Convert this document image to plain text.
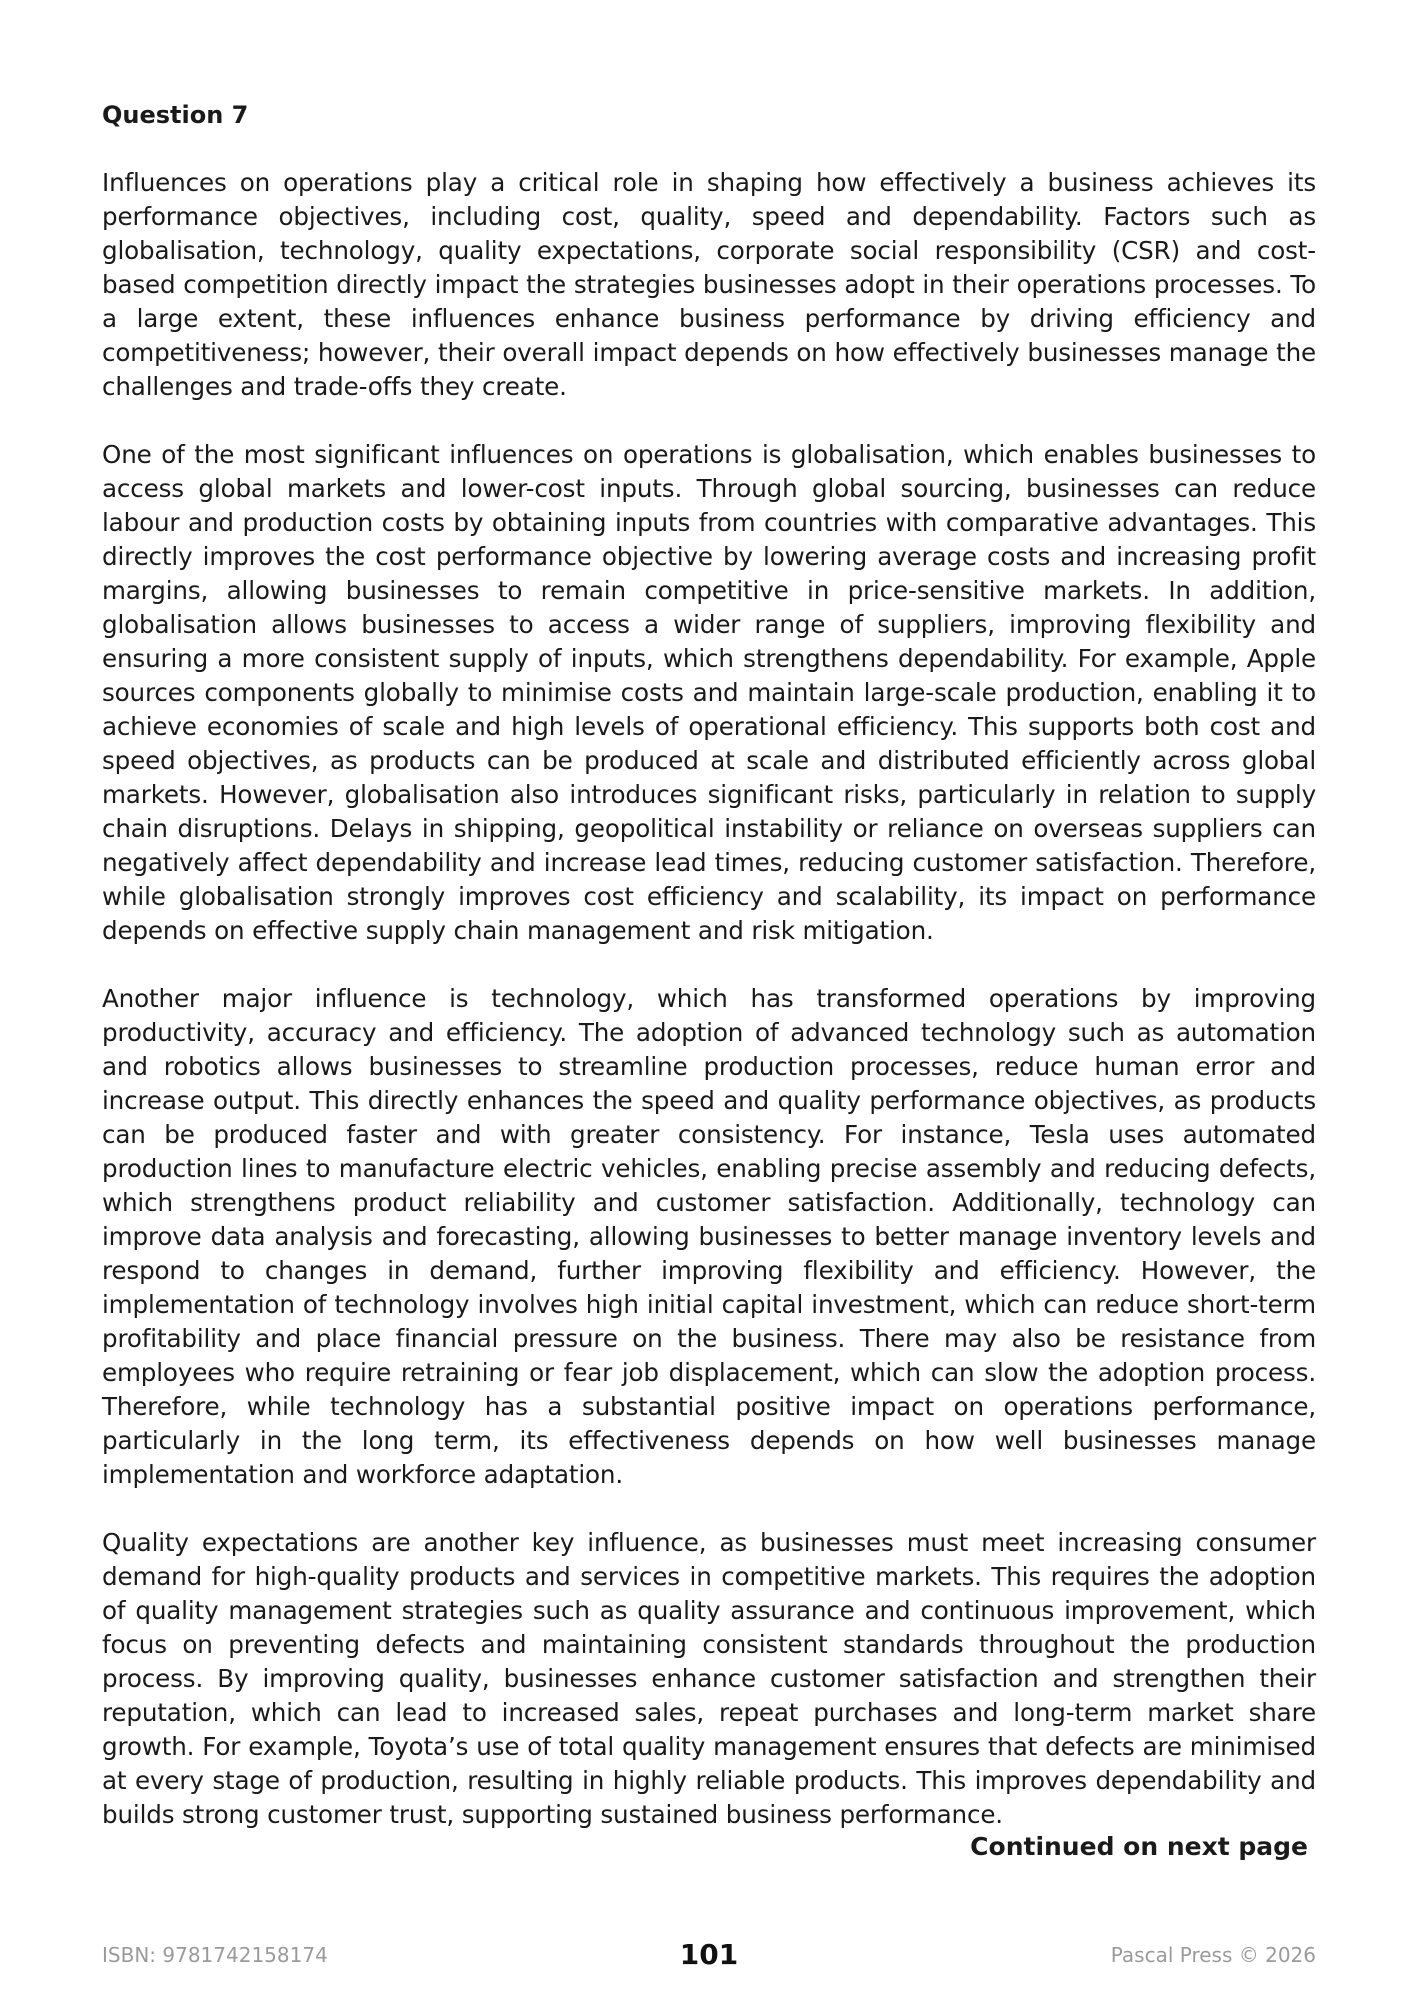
Question 7

Influences on operations play a critical role in shaping how effectively a business achieves its performance objectives, including cost, quality, speed and dependability. Factors such as globalisation, technology, quality expectations, corporate social responsibility (CSR) and cost-based competition directly impact the strategies businesses adopt in their operations processes. To a large extent, these influences enhance business performance by driving efficiency and competitiveness; however, their overall impact depends on how effectively businesses manage the challenges and trade-offs they create.

One of the most significant influences on operations is globalisation, which enables businesses to access global markets and lower-cost inputs. Through global sourcing, businesses can reduce labour and production costs by obtaining inputs from countries with comparative advantages. This directly improves the cost performance objective by lowering average costs and increasing profit margins, allowing businesses to remain competitive in price-sensitive markets. In addition, globalisation allows businesses to access a wider range of suppliers, improving flexibility and ensuring a more consistent supply of inputs, which strengthens dependability. For example, Apple sources components globally to minimise costs and maintain large-scale production, enabling it to achieve economies of scale and high levels of operational efficiency. This supports both cost and speed objectives, as products can be produced at scale and distributed efficiently across global markets. However, globalisation also introduces significant risks, particularly in relation to supply chain disruptions. Delays in shipping, geopolitical instability or reliance on overseas suppliers can negatively affect dependability and increase lead times, reducing customer satisfaction. Therefore, while globalisation strongly improves cost efficiency and scalability, its impact on performance depends on effective supply chain management and risk mitigation.

Another major influence is technology, which has transformed operations by improving productivity, accuracy and efficiency. The adoption of advanced technology such as automation and robotics allows businesses to streamline production processes, reduce human error and increase output. This directly enhances the speed and quality performance objectives, as products can be produced faster and with greater consistency. For instance, Tesla uses automated production lines to manufacture electric vehicles, enabling precise assembly and reducing defects, which strengthens product reliability and customer satisfaction. Additionally, technology can improve data analysis and forecasting, allowing businesses to better manage inventory levels and respond to changes in demand, further improving flexibility and efficiency. However, the implementation of technology involves high initial capital investment, which can reduce short-term profitability and place financial pressure on the business. There may also be resistance from employees who require retraining or fear job displacement, which can slow the adoption process. Therefore, while technology has a substantial positive impact on operations performance, particularly in the long term, its effectiveness depends on how well businesses manage implementation and workforce adaptation.

Quality expectations are another key influence, as businesses must meet increasing consumer demand for high-quality products and services in competitive markets. This requires the adoption of quality management strategies such as quality assurance and continuous improvement, which focus on preventing defects and maintaining consistent standards throughout the production process. By improving quality, businesses enhance customer satisfaction and strengthen their reputation, which can lead to increased sales, repeat purchases and long-term market share growth. For example, Toyota’s use of total quality management ensures that defects are minimised at every stage of production, resulting in highly reliable products. This improves dependability and builds strong customer trust, supporting sustained business performance.

Continued on next page
ISBN: 9781742158174	101	Pascal Press © 2026
